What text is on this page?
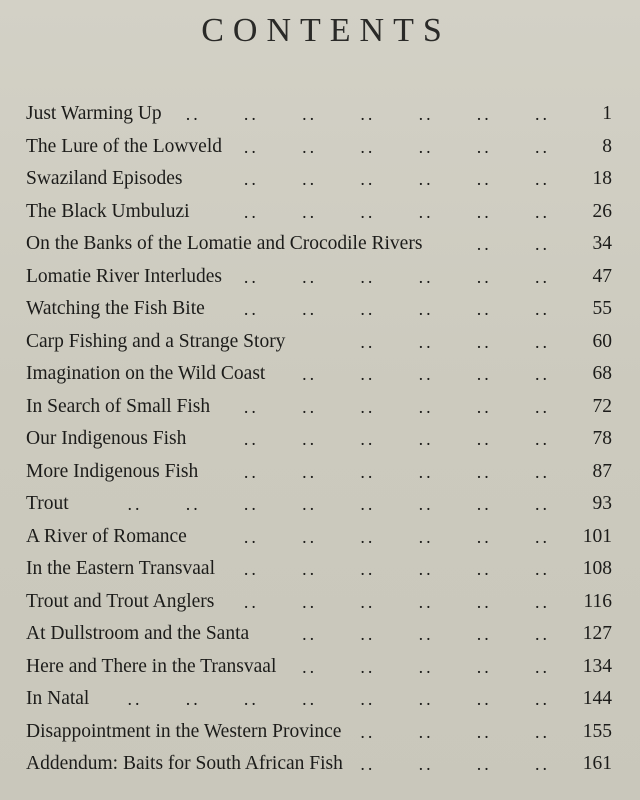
CONTENTS
..	..	..	..	..	..	..
Just Warming Up	1
..	..	..	..	..	..
The Lure of the Lowveld	8
..	..	..	..	..	..
Swaziland Episodes	18
..	..	..	..	..	..
The Black Umbuluzi	26
..	..
On the Banks of the Lomatie and Crocodile Rivers	34
..	..	..	..	..	..
Lomatie River Interludes	47
..	..	..	..	..	..
Watching the Fish Bite	55
..	..	..	..
Carp Fishing and a Strange Story	60
..	..	..	..	..
Imagination on the Wild Coast	68
..	..	..	..	..	..
In Search of Small Fish	72
..	..	..	..	..	..
Our Indigenous Fish	78
..	..	..	..	..	..
More Indigenous Fish	87
..	..	..	..	..	..	..	..
Trout	93
..	..	..	..	..	..
A River of Romance	101
..	..	..	..	..	..
In the Eastern Transvaal	108
..	..	..	..	..	..
Trout and Trout Anglers	116
..	..	..	..	..
At Dullstroom and the Santa	127
..	..	..	..	..
Here and There in the Transvaal	134
..	..	..	..	..	..	..	..
In Natal	144
..	..	..	..
Disappointment in the Western Province	155
..	..	..	..
Addendum: Baits for South African Fish	161
